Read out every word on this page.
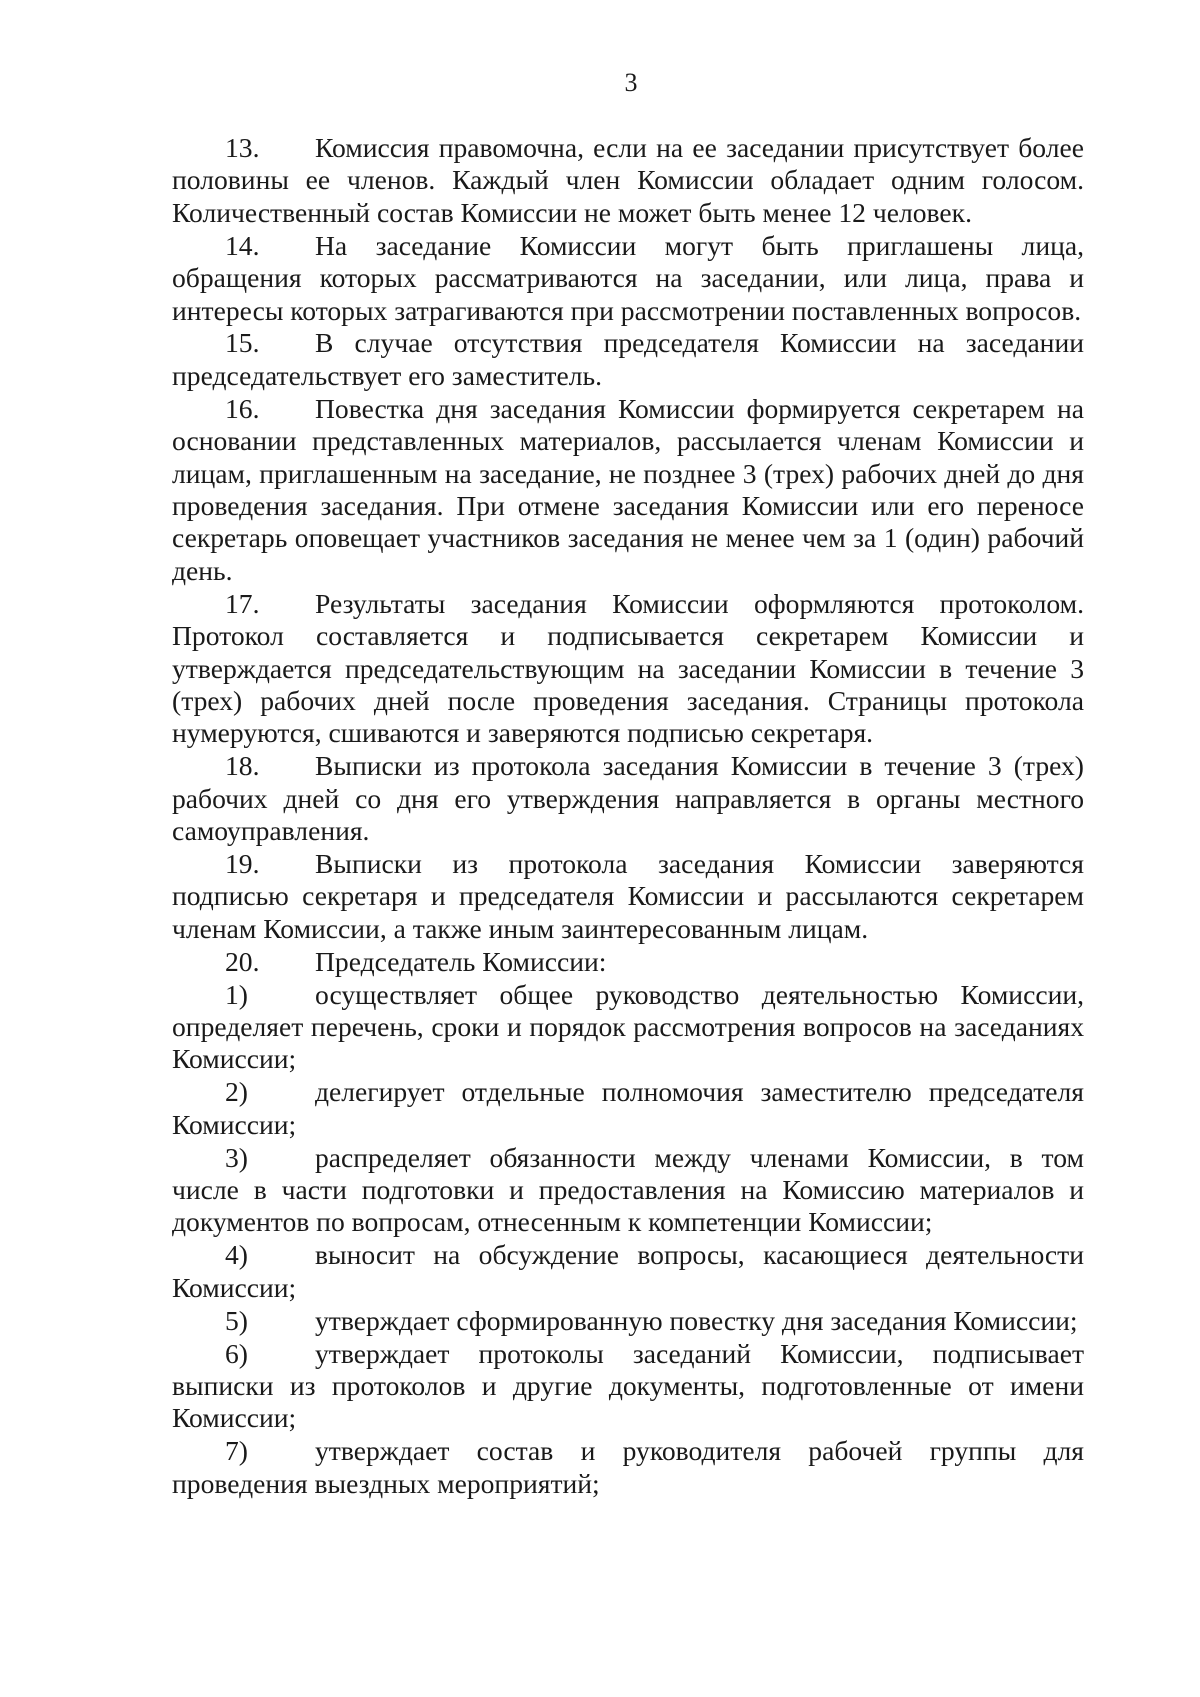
3

13. Комиссия правомочна, если на ее заседании присутствует более половины ее членов. Каждый член Комиссии обладает одним голосом. Количественный состав Комиссии не может быть менее 12 человек.

14. На заседание Комиссии могут быть приглашены лица, обращения которых рассматриваются на заседании, или лица, права и интересы которых затрагиваются при рассмотрении поставленных вопросов.

15. В случае отсутствия председателя Комиссии на заседании председательствует его заместитель.

16. Повестка дня заседания Комиссии формируется секретарем на основании представленных материалов, рассылается членам Комиссии и лицам, приглашенным на заседание, не позднее 3 (трех) рабочих дней до дня проведения заседания. При отмене заседания Комиссии или его переносе секретарь оповещает участников заседания не менее чем за 1 (один) рабочий день.

17. Результаты заседания Комиссии оформляются протоколом. Протокол составляется и подписывается секретарем Комиссии и утверждается председательствующим на заседании Комиссии в течение 3 (трех) рабочих дней после проведения заседания. Страницы протокола нумеруются, сшиваются и заверяются подписью секретаря.

18. Выписки из протокола заседания Комиссии в течение 3 (трех) рабочих дней со дня его утверждения направляется в органы местного самоуправления.

19. Выписки из протокола заседания Комиссии заверяются подписью секретаря и председателя Комиссии и рассылаются секретарем членам Комиссии, а также иным заинтересованным лицам.

20. Председатель Комиссии:

1) осуществляет общее руководство деятельностью Комиссии, определяет перечень, сроки и порядок рассмотрения вопросов на заседаниях Комиссии;

2) делегирует отдельные полномочия заместителю председателя Комиссии;

3) распределяет обязанности между членами Комиссии, в том числе в части подготовки и предоставления на Комиссию материалов и документов по вопросам, отнесенным к компетенции Комиссии;

4) выносит на обсуждение вопросы, касающиеся деятельности Комиссии;

5) утверждает сформированную повестку дня заседания Комиссии;

6) утверждает протоколы заседаний Комиссии, подписывает выписки из протоколов и другие документы, подготовленные от имени Комиссии;

7) утверждает состав и руководителя рабочей группы для проведения выездных мероприятий;
